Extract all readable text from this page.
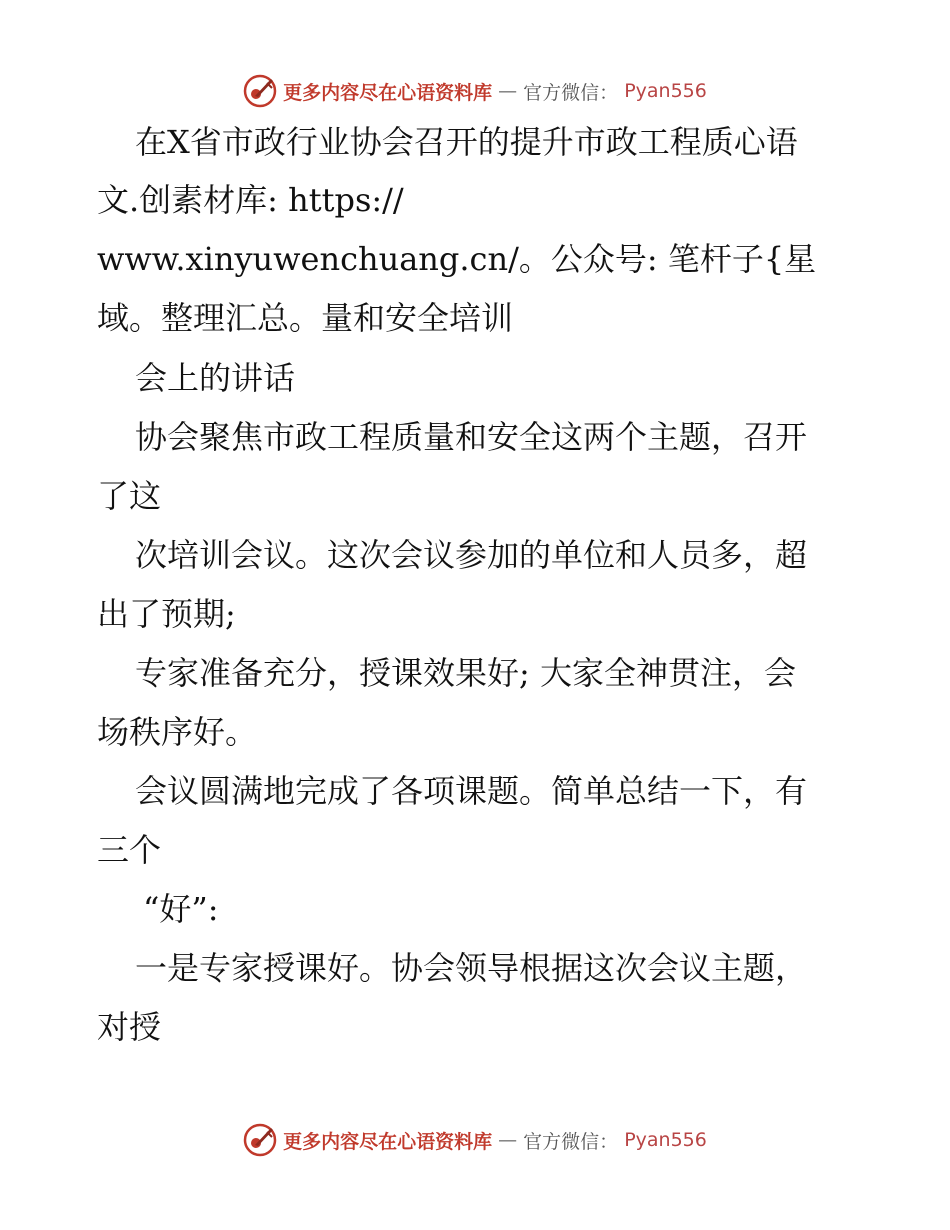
更多内容尽在心语资料库 — 官方微信： Pyan556
在X省市政行业协会召开的提升市政工程质心语
文.创素材库: https://
www.xinyuwenchuang.cn/。公众号: 笔杆子{星
域。整理汇总。量和安全培训
会上的讲话
协会聚焦市政工程质量和安全这两个主题，召开
了这
次培训会议。这次会议参加的单位和人员多，超
出了预期;
专家准备充分，授课效果好; 大家全神贯注，会
场秩序好。
会议圆满地完成了各项课题。简单总结一下，有
三个
“好”:
一是专家授课好。协会领导根据这次会议主题，
对授
更多内容尽在心语资料库 — 官方微信： Pyan556
